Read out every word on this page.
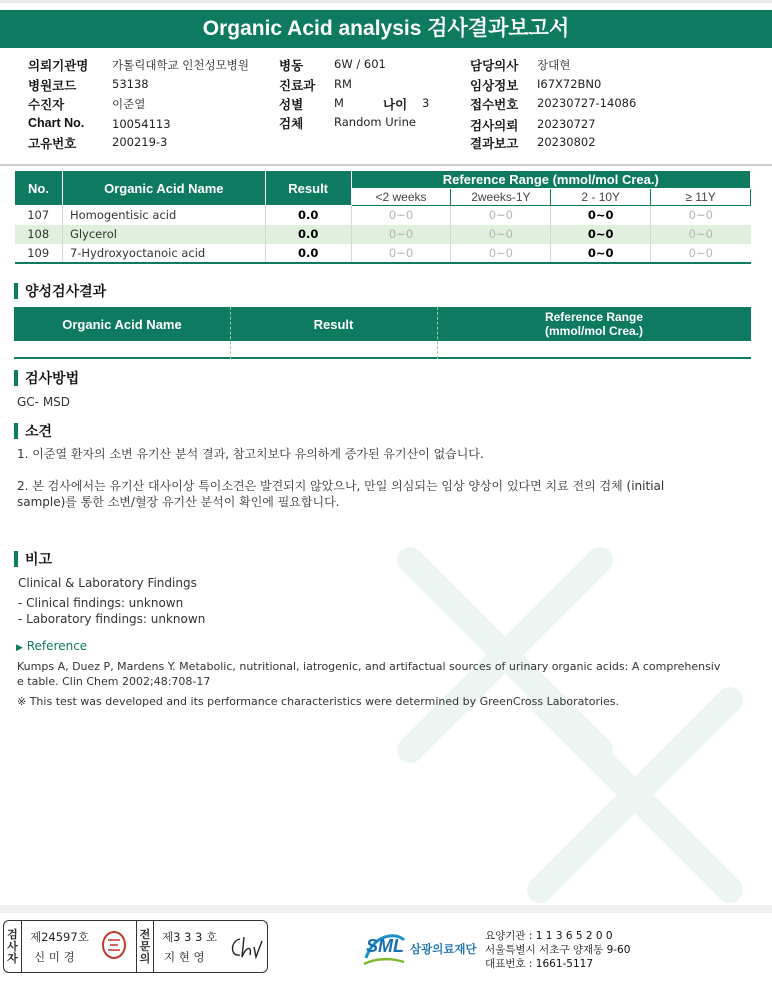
Organic Acid analysis 검사결과보고서
의뢰기관명 가톨릭대학교 인천성모병원
병원코드	53138
수진자	이준열
Chart No. 10054113
고유번호	200219-3
병동	6W / 601
진료과 RM
성별	M	나이 3
검체	Random Urine
담당의사 장대현
임상정보 I67X72BN0
접수번호 20230727-14086
검사의뢰 20230727
결과보고 20230802
No.	Organic Acid Name	Result	Reference Range (mmol/mol Crea.)			
			<2 weeks	2weeks-1Y	2 - 10Y	≥ 11Y
107	Homogentisic acid	0.0	0~0	0~0	0~0	0~0
108	Glycerol	0.0	0~0	0~0	0~0	0~0
109	7-Hydroxyoctanoic acid	0.0	0~0	0~0	0~0	0~0
양성검사결과
Organic Acid Name	Result	Reference Range
(mmol/mol Crea.)
검사방법
GC- MSD
소견
1. 이준열 환자의 소변 유기산 분석 결과, 참고치보다 유의하게 증가된 유기산이 없습니다.
2. 본 검사에서는 유기산 대사이상 특이소견은 발견되지 않았으나, 만일 의심되는 임상 양상이 있다면 치료 전의 검체 (initial
sample)를 통한 소변/혈장 유기산 분석이 확인에 필요합니다.
비고
Clinical & Laboratory Findings
- Clinical findings: unknown
- Laboratory findings: unknown
▶ Reference
Kumps A, Duez P, Mardens Y. Metabolic, nutritional, iatrogenic, and artifactual sources of urinary organic acids: A comprehensiv
e table. Clin Chem 2002;48:708-17
※ This test was developed and its performance characteristics were determined by GreenCross Laboratories.
검
사
자
제24597호
신 미 경
전
문
의
제3 3 3 호
지 현 영
SML 삼광의료재단
요양기관 : 1 1 3 6 5 2 0 0
서울특별시 서초구 양재동 9-60
대표번호 : 1661-5117
